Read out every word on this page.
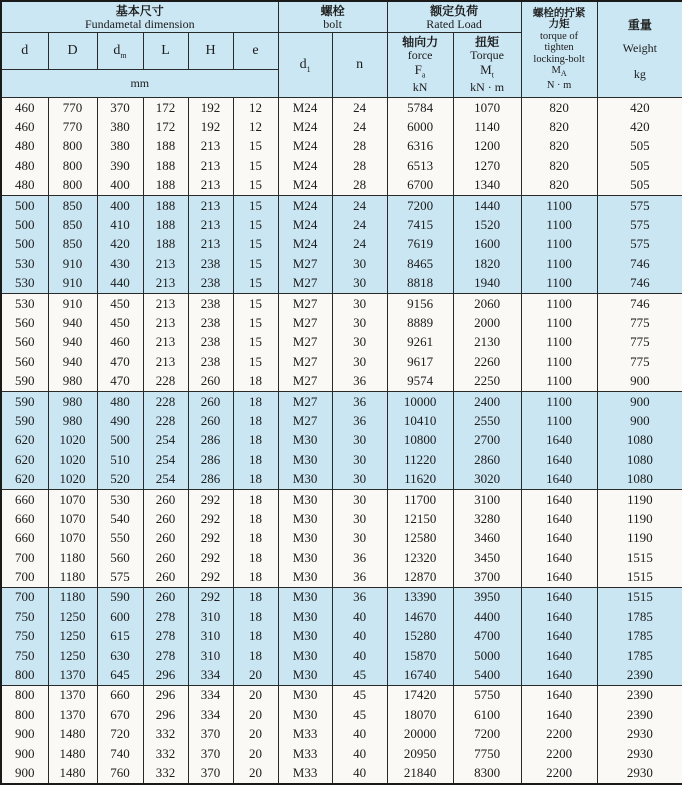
基本尺寸
Fundametal dimension

螺栓
bolt

额定负荷
Rated Load

螺栓的拧紧
力矩
torque of
tighten
locking-bolt
$M_A$
N · m

重量
Weight
kg

d	D	$d_m$	L	H	e	$d_1$	n	
轴向力
force
$F_a$
kN

扭矩
Torque
$M_t$
kN · m

mm											
460	770	370	172	192	12	M24	24	5784	1070	820	420
460	770	380	172	192	12	M24	24	6000	1140	820	420
480	800	380	188	213	15	M24	28	6316	1200	820	505
480	800	390	188	213	15	M24	28	6513	1270	820	505
480	800	400	188	213	15	M24	28	6700	1340	820	505
500	850	400	188	213	15	M24	24	7200	1440	1100	575
500	850	410	188	213	15	M24	24	7415	1520	1100	575
500	850	420	188	213	15	M24	24	7619	1600	1100	575
530	910	430	213	238	15	M27	30	8465	1820	1100	746
530	910	440	213	238	15	M27	30	8818	1940	1100	746
530	910	450	213	238	15	M27	30	9156	2060	1100	746
560	940	450	213	238	15	M27	30	8889	2000	1100	775
560	940	460	213	238	15	M27	30	9261	2130	1100	775
560	940	470	213	238	15	M27	30	9617	2260	1100	775
590	980	470	228	260	18	M27	36	9574	2250	1100	900
590	980	480	228	260	18	M27	36	10000	2400	1100	900
590	980	490	228	260	18	M27	36	10410	2550	1100	900
620	1020	500	254	286	18	M30	30	10800	2700	1640	1080
620	1020	510	254	286	18	M30	30	11220	2860	1640	1080
620	1020	520	254	286	18	M30	30	11620	3020	1640	1080
660	1070	530	260	292	18	M30	30	11700	3100	1640	1190
660	1070	540	260	292	18	M30	30	12150	3280	1640	1190
660	1070	550	260	292	18	M30	30	12580	3460	1640	1190
700	1180	560	260	292	18	M30	36	12320	3450	1640	1515
700	1180	575	260	292	18	M30	36	12870	3700	1640	1515
700	1180	590	260	292	18	M30	36	13390	3950	1640	1515
750	1250	600	278	310	18	M30	40	14670	4400	1640	1785
750	1250	615	278	310	18	M30	40	15280	4700	1640	1785
750	1250	630	278	310	18	M30	40	15870	5000	1640	1785
800	1370	645	296	334	20	M30	45	16740	5400	1640	2390
800	1370	660	296	334	20	M30	45	17420	5750	1640	2390
800	1370	670	296	334	20	M30	45	18070	6100	1640	2390
900	1480	720	332	370	20	M33	40	20000	7200	2200	2930
900	1480	740	332	370	20	M33	40	20950	7750	2200	2930
900	1480	760	332	370	20	M33	40	21840	8300	2200	2930
